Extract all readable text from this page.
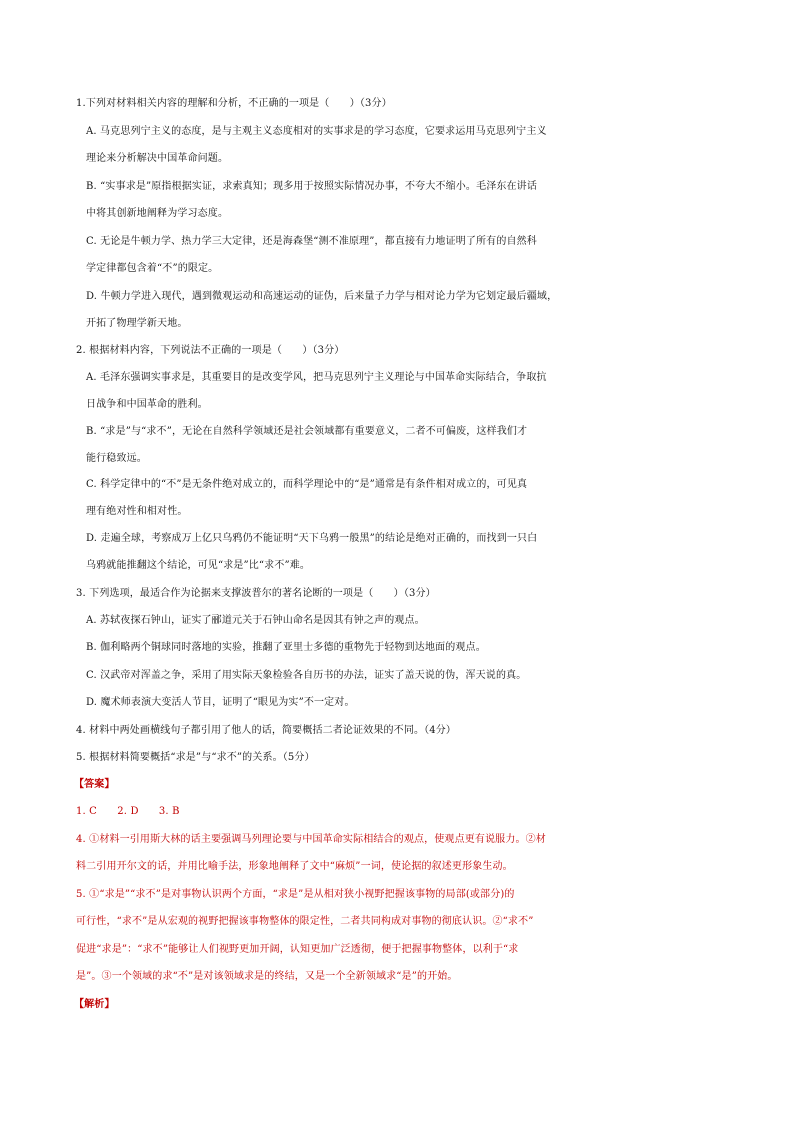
1.下列对材料相关内容的理解和分析，不正确的一项是（　　）（3分）
A. 马克思列宁主义的态度，是与主观主义态度相对的实事求是的学习态度，它要求运用马克思列宁主义
理论来分析解决中国革命问题。
B. “实事求是”原指根据实证，求索真知；现多用于按照实际情况办事，不夸大不缩小。毛泽东在讲话
中将其创新地阐释为学习态度。
C. 无论是牛顿力学、热力学三大定律，还是海森堡“测不准原理”，都直接有力地证明了所有的自然科
学定律都包含着“不”的限定。
D. 牛顿力学进入现代，遇到微观运动和高速运动的证伪，后来量子力学与相对论力学为它划定最后疆域，
开拓了物理学新天地。
2. 根据材料内容，下列说法不正确的一项是（　　）（3分）
A. 毛泽东强调实事求是，其重要目的是改变学风，把马克思列宁主义理论与中国革命实际结合，争取抗
日战争和中国革命的胜利。
B. “求是”与“求不”，无论在自然科学领域还是社会领域都有重要意义，二者不可偏废，这样我们才
能行稳致远。
C. 科学定律中的“不”是无条件绝对成立的，而科学理论中的“是”通常是有条件相对成立的，可见真
理有绝对性和相对性。
D. 走遍全球，考察成万上亿只乌鸦仍不能证明“天下乌鸦一般黑”的结论是绝对正确的，而找到一只白
乌鸦就能推翻这个结论，可见“求是”比“求不”难。
3. 下列选项，最适合作为论据来支撑波普尔的著名论断的一项是（　　）（3分）
A. 苏轼夜探石钟山，证实了郦道元关于石钟山命名是因其有钟之声的观点。
B. 伽利略两个铜球同时落地的实验，推翻了亚里士多德的重物先于轻物到达地面的观点。
C. 汉武帝对浑盖之争，采用了用实际天象检验各自历书的办法，证实了盖天说的伪，浑天说的真。
D. 魔术师表演大变活人节目，证明了“眼见为实”不一定对。
4. 材料中两处画横线句子都引用了他人的话，简要概括二者论证效果的不同。（4分）
5. 根据材料简要概括“求是”与“求不”的关系。（5分）
【答案】
1. C　　2. D　　3. B
4. ①材料一引用斯大林的话主要强调马列理论要与中国革命实际相结合的观点，使观点更有说服力。②材
料二引用开尔文的话，并用比喻手法，形象地阐释了文中“麻烦”一词，使论据的叙述更形象生动。
5. ①“求是”“求不”是对事物认识两个方面，“求是”是从相对狭小视野把握该事物的局部(或部分)的
可行性，“求不”是从宏观的视野把握该事物整体的限定性，二者共同构成对事物的彻底认识。②“求不”
促进“求是”：“求不”能够让人们视野更加开阔，认知更加广泛透彻，便于把握事物整体，以利于“求
是”。③一个领域的求“不”是对该领域求是的终结，又是一个全新领域求“是”的开始。
【解析】
